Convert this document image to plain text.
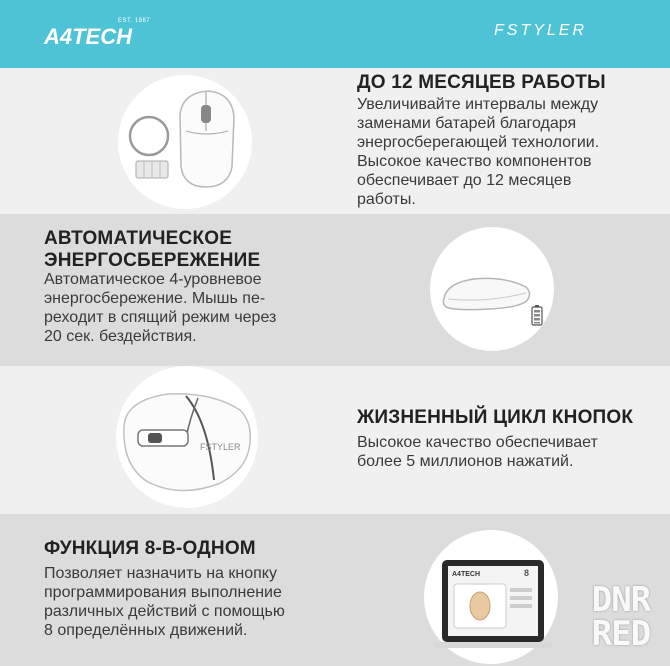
A4TECH
EST. 1987
FSTYLER
ДО 12 МЕСЯЦЕВ РАБОТЫ
Увеличивайте интервалы между
заменами батарей благодаря
энергосберегающей технологии.
Высокое качество компонентов
обеспечивает до 12 месяцев
работы.
АВТОМАТИЧЕСКОЕ
ЭНЕРГОСБЕРЕЖЕНИЕ
Автоматическое 4-уровневое
энергосбережение. Мышь пе-
реходит в спящий режим через
20 сек. бездействия.
FSTYLER
ЖИЗНЕННЫЙ ЦИКЛ КНОПОК
Высокое качество обеспечивает
более 5 миллионов нажатий.
ФУНКЦИЯ 8-В-ОДНОМ
Позволяет назначить на кнопку
программирования выполнение
различных действий с помощью
8 определённых движений.
A4TECH	8
DNR
RED
